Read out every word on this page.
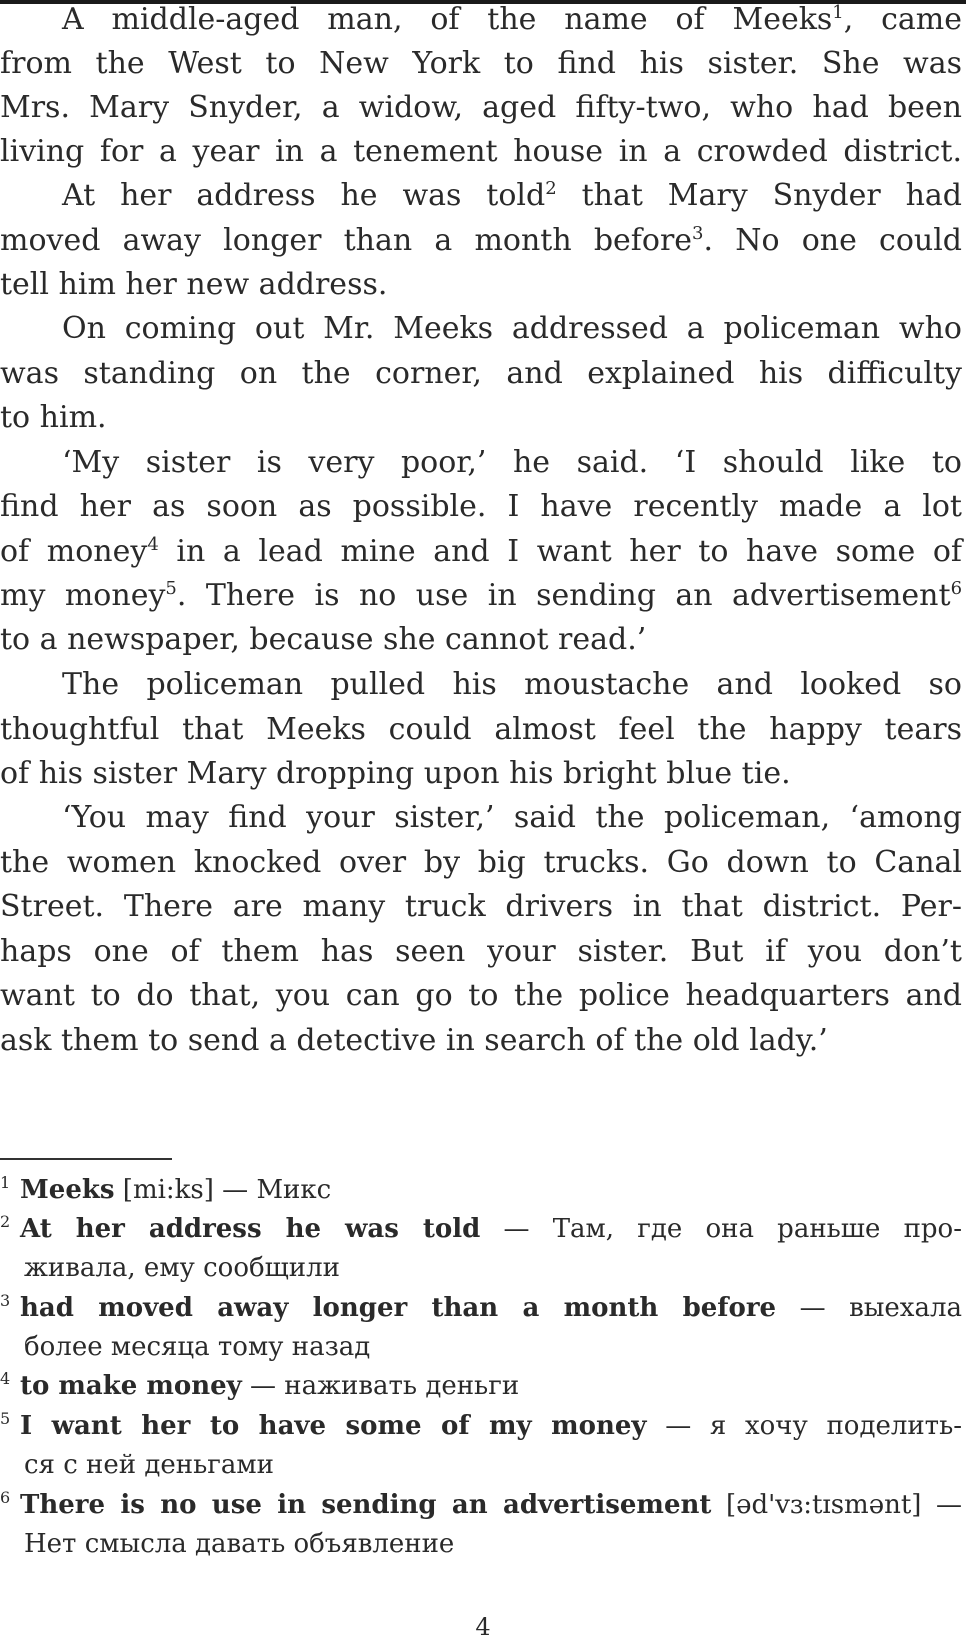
A middle-aged man, of the name of Meeks$^1$, came
from the West to New York to find his sister. She was
Mrs. Mary Snyder, a widow, aged fifty-two, who had been
living for a year in a tenement house in a crowded district.
At her address he was told$^2$ that Mary Snyder had
moved away longer than a month before$^3$. No one could
tell him her new address.
On coming out Mr. Meeks addressed a policeman who
was standing on the corner, and explained his difficulty
to him.
‘My sister is very poor,’ he said. ‘I should like to
find her as soon as possible. I have recently made a lot
of money$^4$ in a lead mine and I want her to have some of
my money$^5$. There is no use in sending an advertisement$^6$
to a newspaper, because she cannot read.’
The policeman pulled his moustache and looked so
thoughtful that Meeks could almost feel the happy tears
of his sister Mary dropping upon his bright blue tie.
‘You may find your sister,’ said the policeman, ‘among
the women knocked over by big trucks. Go down to Canal
Street. There are many truck drivers in that district. Per-
haps one of them has seen your sister. But if you don’t
want to do that, you can go to the police headquarters and
ask them to send a detective in search of the old lady.’
$^1$ Meeks [mi:ks] — Микс
$^2$ At her address he was told — Там, где она раньше про-
живала, ему сообщили
$^3$ had moved away longer than a month before — выехала
более месяца тому назад
$^4$ to make money — наживать деньги
$^5$ I want her to have some of my money — я хочу поделить-
ся с ней деньгами
$^6$ There is no use in sending an advertisement [əd'vɜ:tɪsmənt] —
Нет смысла давать объявление
4
